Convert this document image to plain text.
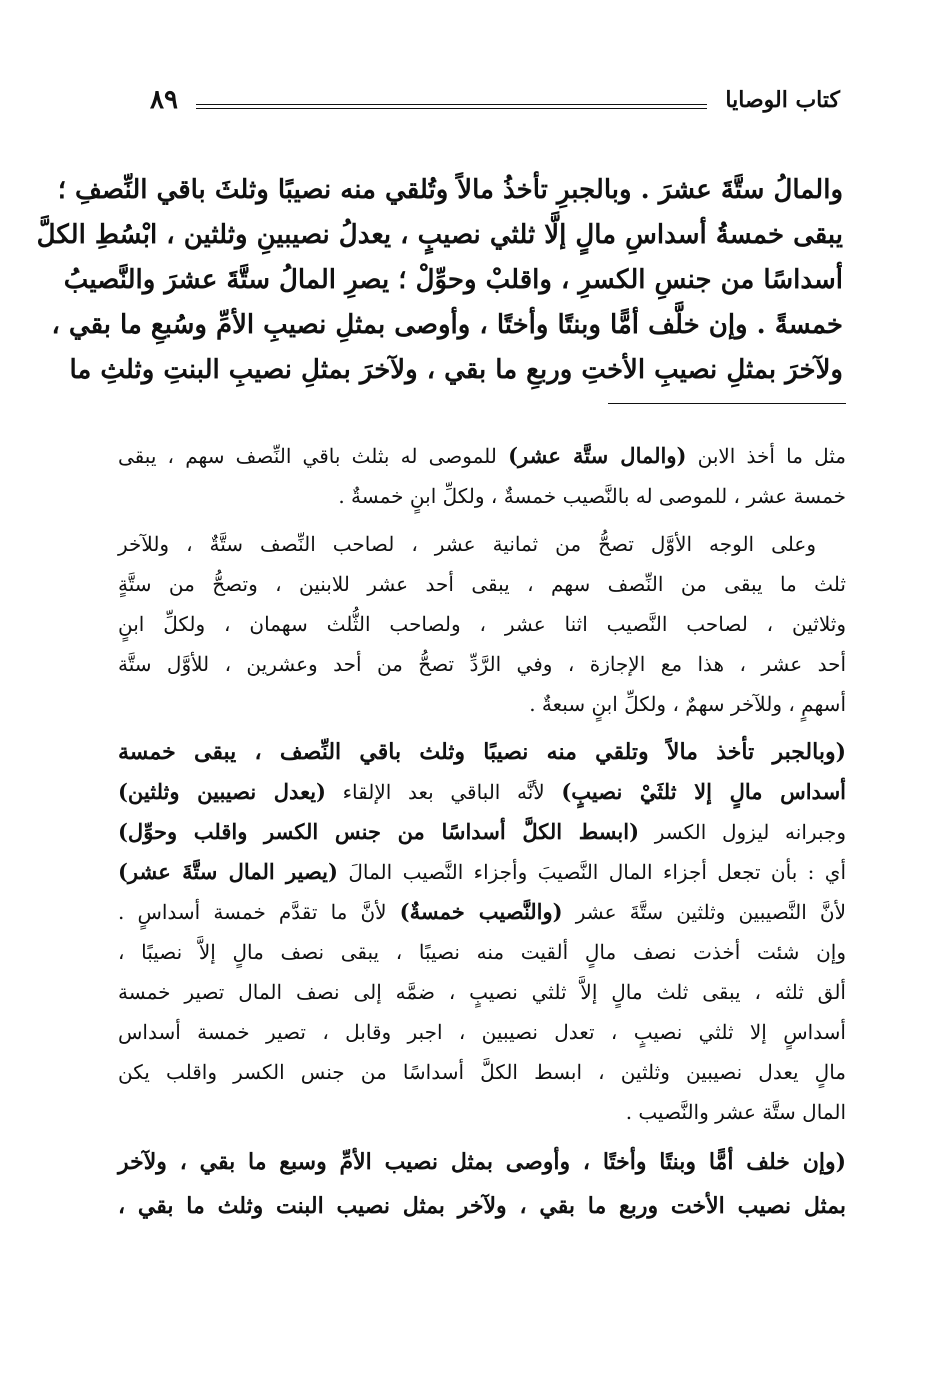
كتاب الوصايا
٨٩
والمالُ ستَّةَ عشرَ . وبالجبرِ تأخذُ مالاً وتُلقي منه نصيبًا وثلثَ باقي النِّصفِ ؛
يبقى خمسةُ أسداسِ مالٍ إلَّا ثلثي نصيبٍ ، يعدلُ نصيبينِ وثلثين ، ابْسُطِ الكلَّ
أسداسًا من جنسِ الكسرِ ، واقلبْ وحوِّلْ ؛ يصرِ المالُ ستَّةَ عشرَ والنَّصيبُ
خمسةً . وإن خلَّف أمًّا وبنتًا وأختًا ، وأوصى بمثلِ نصيبِ الأمِّ وسُبعِ ما بقي ،
ولآخرَ بمثلِ نصيبِ الأختِ وربعِ ما بقي ، ولآخرَ بمثلِ نصيبِ البنتِ وثلثِ ما
مثل ما أخذ الابن (والمال ستَّة عشر) للموصى له بثلث باقي النِّصف سهم ، يبقى
خمسة عشر ، للموصى له بالنَّصيب خمسةٌ ، ولكلِّ ابنٍ خمسةٌ .
وعلى الوجه الأوَّل تصحُّ من ثمانية عشر ، لصاحب النِّصف ستَّةٌ ، وللآخر
ثلث ما يبقى من النِّصف سهم ، يبقى أحد عشر للابنين ، وتصحُّ من ستَّةٍ
وثلاثين ، لصاحب النَّصيب اثنا عشر ، ولصاحب الثُّلث سهمان ، ولكلِّ ابنٍ
أحد عشر ، هذا مع الإجازة ، وفي الرَّدِّ تصحُّ من أحد وعشرين ، للأوَّل ستَّة
أسهمٍ ، وللآخر سهمٌ ، ولكلِّ ابنٍ سبعةٌ .
(وبالجبر تأخذ مالاً وتلقي منه نصيبًا وثلث باقي النِّصف ، يبقى خمسة
أسداس مالٍ إلا ثلثَيْ نصيبٍ) لأنَّه الباقي بعد الإلقاء (يعدل نصيبين وثلثين)
وجبرانه ليزول الكسر (ابسط الكلَّ أسداسًا من جنس الكسر واقلب وحوِّل)
أي : بأن تجعل أجزاء المال النَّصيبَ وأجزاء النَّصيب المالَ (يصير المال ستَّةَ عشر)
لأنَّ النَّصيبين وثلثين ستَّةَ عشر (والنَّصيب خمسةٌ) لأنَّ ما تقدَّم خمسة أسداسٍ .
وإن شئت أخذت نصف مالٍ ألقيت منه نصيبًا ، يبقى نصف مالٍ إلاَّ نصيبًا ،
ألق ثلثه ، يبقى ثلث مالٍ إلاَّ ثلثي نصيبٍ ، ضمَّه إلى نصف المال تصير خمسة
أسداسٍ إلا ثلثي نصيبٍ ، تعدل نصيبين ، اجبر وقابل ، تصير خمسة أسداس
مالٍ يعدل نصيبين وثلثين ، ابسط الكلَّ أسداسًا من جنس الكسر واقلب يكن
المال ستَّة عشر والنَّصيب .
(وإن خلف أمًّا وبنتًا وأختًا ، وأوصى بمثل نصيب الأمِّ وسبع ما بقي ، ولآخر
بمثل نصيب الأخت وربع ما بقي ، ولآخر بمثل نصيب البنت وثلث ما بقي ،
